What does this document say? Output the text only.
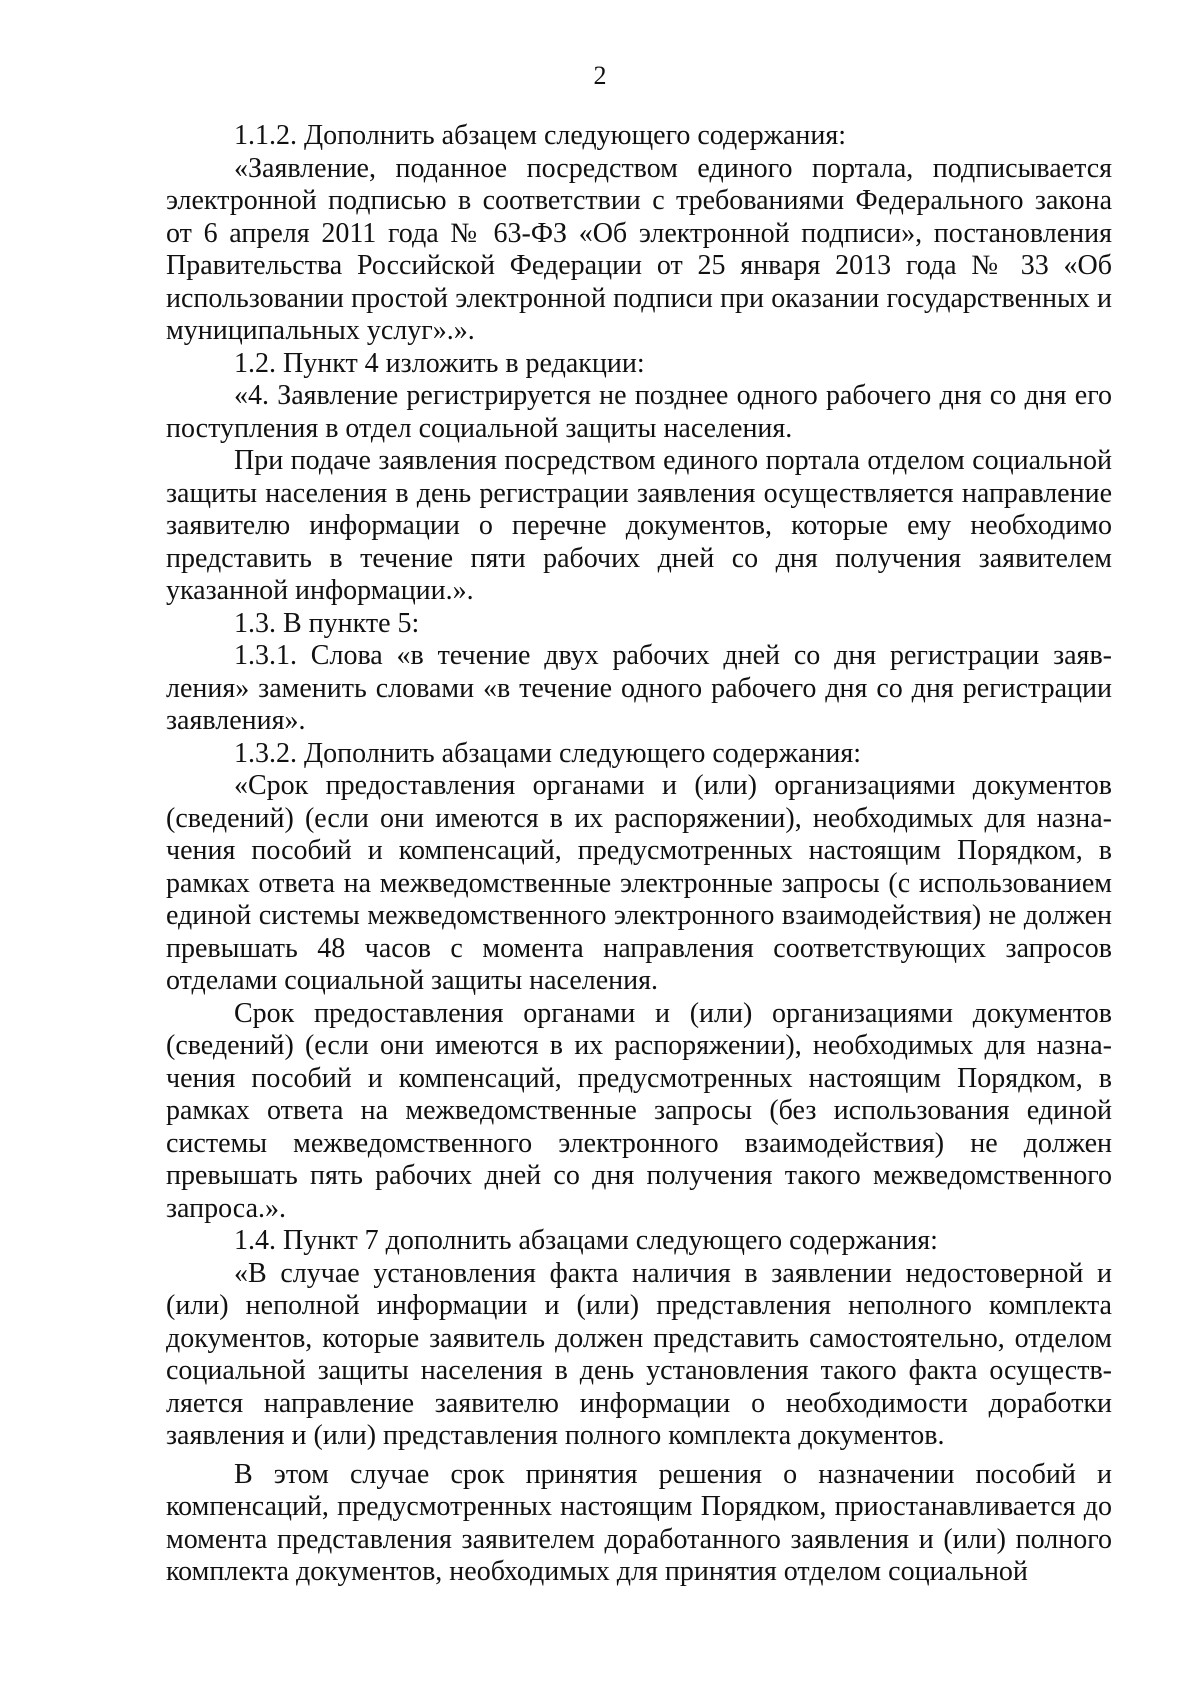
2

1.1.2. Дополнить абзацем следующего содержания:

«Заявление, поданное посредством единого портала, подписывается электронной подписью в соответствии с требованиями Федерального закона от 6 апреля 2011 года № 63-ФЗ «Об электронной подписи», постановления Правительства Российской Федерации от 25 января 2013 года № 33 «Об использовании простой электронной подписи при оказании государственных и муниципальных услуг».».

1.2. Пункт 4 изложить в редакции:

«4. Заявление регистрируется не позднее одного рабочего дня со дня его поступления в отдел социальной защиты населения.

При подаче заявления посредством единого портала отделом социальной защиты населения в день регистрации заявления осуществляется направление заявителю информации о перечне документов, которые ему необходимо представить в течение пяти рабочих дней со дня получения заявителем указанной информации.».

1.3. В пункте 5:

1.3.1. Слова «в течение двух рабочих дней со дня регистрации заявления» заменить словами «в течение одного рабочего дня со дня регистрации заявления».

1.3.2. Дополнить абзацами следующего содержания:

«Срок предоставления органами и (или) организациями документов (сведений) (если они имеются в их распоряжении), необходимых для назначения пособий и компенсаций, предусмотренных настоящим Порядком, в рамках ответа на межведомственные электронные запросы (с использованием единой системы межведомственного электронного взаимодействия) не должен превышать 48 часов с момента направления соответствующих запросов отделами социальной защиты населения.

Срок предоставления органами и (или) организациями документов (сведений) (если они имеются в их распоряжении), необходимых для назначения пособий и компенсаций, предусмотренных настоящим Порядком, в рамках ответа на межведомственные запросы (без использования единой системы межведомственного электронного взаимодействия) не должен превышать пять рабочих дней со дня получения такого межведомственного запроса.».

1.4. Пункт 7 дополнить абзацами следующего содержания:

«В случае установления факта наличия в заявлении недостоверной и (или) неполной информации и (или) представления неполного комплекта документов, которые заявитель должен представить самостоятельно, отделом социальной защиты населения в день установления такого факта осуществляется направление заявителю информации о необходимости доработки заявления и (или) представления полного комплекта документов.

В этом случае срок принятия решения о назначении пособий и компенсаций, предусмотренных настоящим Порядком, приостанавливается до момента представления заявителем доработанного заявления и (или) полного комплекта документов, необходимых для принятия отделом социальной
